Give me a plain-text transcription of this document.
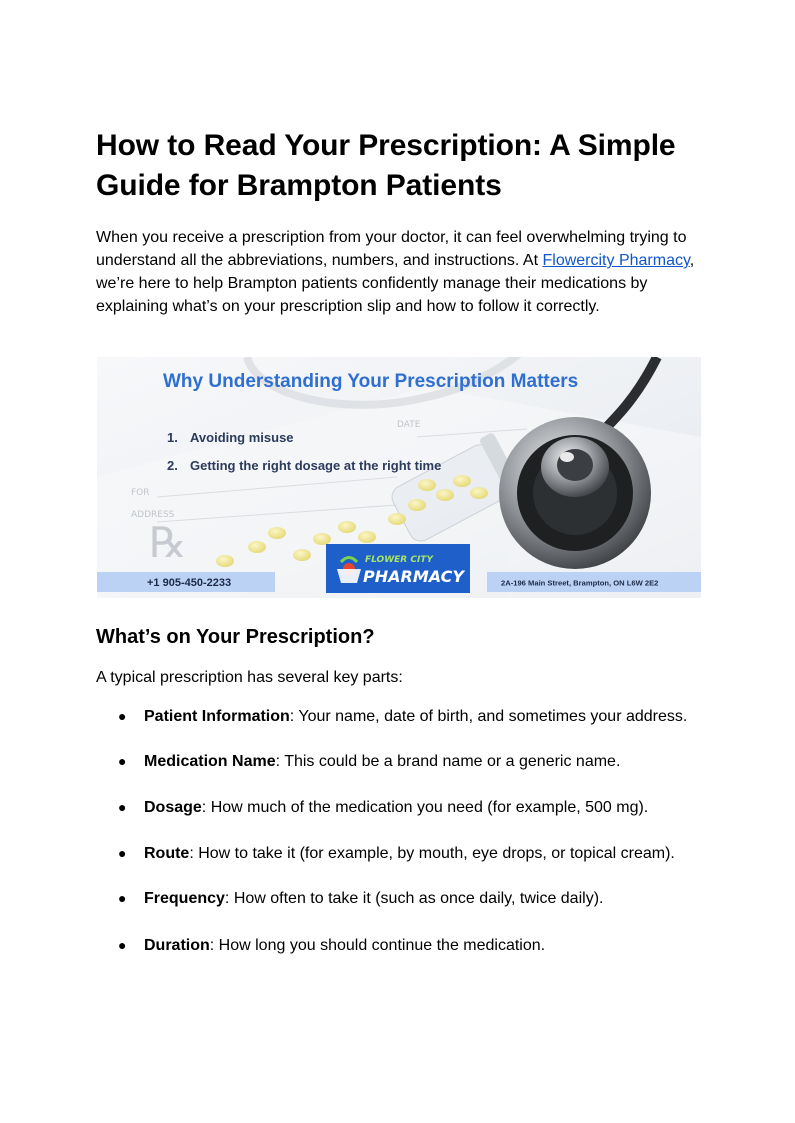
How to Read Your Prescription: A Simple Guide for Brampton Patients

When you receive a prescription from your doctor, it can feel overwhelming trying to understand all the abbreviations, numbers, and instructions. At Flowercity Pharmacy, we’re here to help Brampton patients confidently manage their medications by explaining what’s on your prescription slip and how to follow it correctly.

FOR
ADDRESS
DATE
℞
Why Understanding Your Prescription Matters
1. Avoiding misuse
2. Getting the right dosage at the right time
+1 905-450-2233	2A-196 Main Street, Brampton, ON L6W 2E2
FLOWER CITY
PHARMACY
What’s on Your Prescription?

A typical prescription has several key parts:

● Patient Information: Your name, date of birth, and sometimes your address.
● Medication Name: This could be a brand name or a generic name.
● Dosage: How much of the medication you need (for example, 500 mg).
● Route: How to take it (for example, by mouth, eye drops, or topical cream).
● Frequency: How often to take it (such as once daily, twice daily).
● Duration: How long you should continue the medication.
